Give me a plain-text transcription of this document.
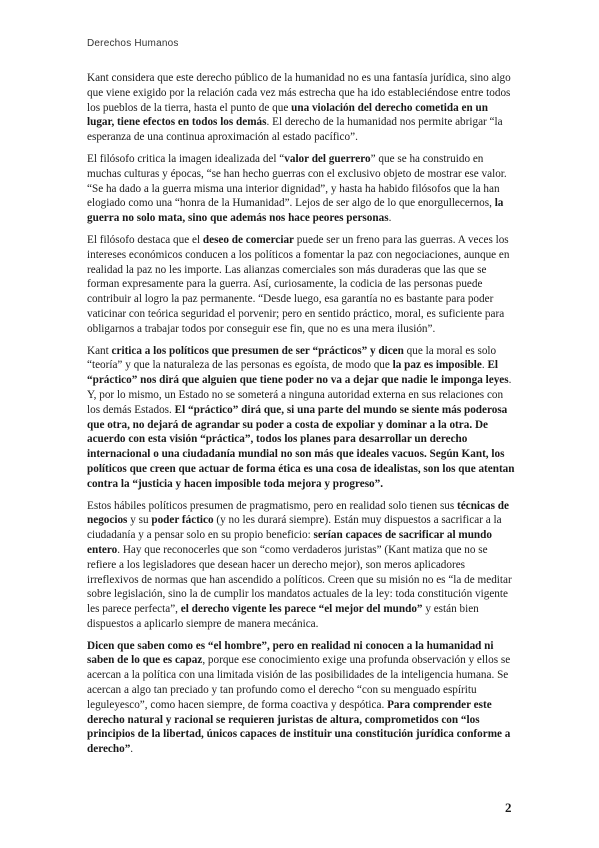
Derechos Humanos

Kant considera que este derecho público de la humanidad no es una fantasía jurídica, sino algo que viene exigido por la relación cada vez más estrecha que ha ido estableciéndose entre todos los pueblos de la tierra, hasta el punto de que una violación del derecho cometida en un lugar, tiene efectos en todos los demás. El derecho de la humanidad nos permite abrigar “la esperanza de una continua aproximación al estado pacífico”.

El filósofo critica la imagen idealizada del “valor del guerrero” que se ha construido en muchas culturas y épocas, “se han hecho guerras con el exclusivo objeto de mostrar ese valor. “Se ha dado a la guerra misma una interior dignidad”, y hasta ha habido filósofos que la han elogiado como una “honra de la Humanidad”. Lejos de ser algo de lo que enorgullecernos, la guerra no solo mata, sino que además nos hace peores personas.

El filósofo destaca que el deseo de comerciar puede ser un freno para las guerras. A veces los intereses económicos conducen a los políticos a fomentar la paz con negociaciones, aunque en realidad la paz no les importe. Las alianzas comerciales son más duraderas que las que se forman expresamente para la guerra. Así, curiosamente, la codicia de las personas puede contribuir al logro la paz permanente. “Desde luego, esa garantía no es bastante para poder vaticinar con teórica seguridad el porvenir; pero en sentido práctico, moral, es suficiente para obligarnos a trabajar todos por conseguir ese fin, que no es una mera ilusión”.

Kant critica a los políticos que presumen de ser “prácticos” y dicen que la moral es solo “teoría” y que la naturaleza de las personas es egoísta, de modo que la paz es imposible. El “práctico” nos dirá que alguien que tiene poder no va a dejar que nadie le imponga leyes. Y, por lo mismo, un Estado no se someterá a ninguna autoridad externa en sus relaciones con los demás Estados. El “práctico” dirá que, si una parte del mundo se siente más poderosa que otra, no dejará de agrandar su poder a costa de expoliar y dominar a la otra. De acuerdo con esta visión “práctica”, todos los planes para desarrollar un derecho internacional o una ciudadanía mundial no son más que ideales vacuos. Según Kant, los políticos que creen que actuar de forma ética es una cosa de idealistas, son los que atentan contra la “justicia y hacen imposible toda mejora y progreso”.

Estos hábiles políticos presumen de pragmatismo, pero en realidad solo tienen sus técnicas de negocios y su poder fáctico (y no les durará siempre). Están muy dispuestos a sacrificar a la ciudadanía y a pensar solo en su propio beneficio: serían capaces de sacrificar al mundo entero. Hay que reconocerles que son “como verdaderos juristas” (Kant matiza que no se refiere a los legisladores que desean hacer un derecho mejor), son meros aplicadores irreflexivos de normas que han ascendido a políticos. Creen que su misión no es “la de meditar sobre legislación, sino la de cumplir los mandatos actuales de la ley: toda constitución vigente les parece perfecta”, el derecho vigente les parece “el mejor del mundo” y están bien dispuestos a aplicarlo siempre de manera mecánica.

Dicen que saben como es “el hombre”, pero en realidad ni conocen a la humanidad ni saben de lo que es capaz, porque ese conocimiento exige una profunda observación y ellos se acercan a la política con una limitada visión de las posibilidades de la inteligencia humana. Se acercan a algo tan preciado y tan profundo como el derecho “con su menguado espíritu leguleyesco”, como hacen siempre, de forma coactiva y despótica. Para comprender este derecho natural y racional se requieren juristas de altura, comprometidos con “los principios de la libertad, únicos capaces de instituir una constitución jurídica conforme a derecho”.

2
